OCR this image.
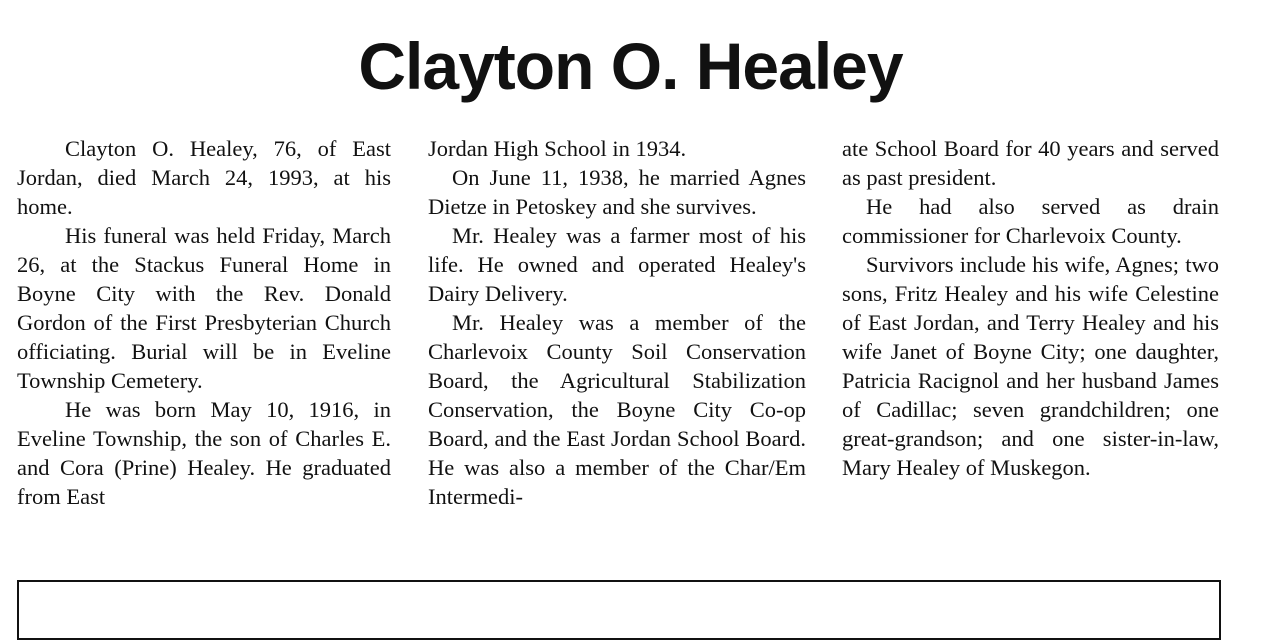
Clayton O. Healey

Clayton O. Healey, 76, of East Jordan, died March 24, 1993, at his home.

His funeral was held Friday, March 26, at the Stackus Funeral Home in Boyne City with the Rev. Donald Gordon of the First Presbyterian Church officiating. Burial will be in Eveline Township Cemetery.

He was born May 10, 1916, in Eveline Township, the son of Charles E. and Cora (Prine) Healey. He graduated from East

Jordan High School in 1934.

On June 11, 1938, he married Agnes Dietze in Petoskey and she survives.

Mr. Healey was a farmer most of his life. He owned and operated Healey's Dairy Delivery.

Mr. Healey was a member of the Charlevoix County Soil Conservation Board, the Agricultural Stabilization Conservation, the Boyne City Co-op Board, and the East Jordan School Board. He was also a member of the Char/Em Intermedi-

ate School Board for 40 years and served as past president.

He had also served as drain commissioner for Charlevoix County.

Survivors include his wife, Agnes; two sons, Fritz Healey and his wife Celestine of East Jordan, and Terry Healey and his wife Janet of Boyne City; one daughter, Patricia Racignol and her husband James of Cadillac; seven grandchildren; one great-grandson; and one sister-in-law, Mary Healey of Muskegon.
